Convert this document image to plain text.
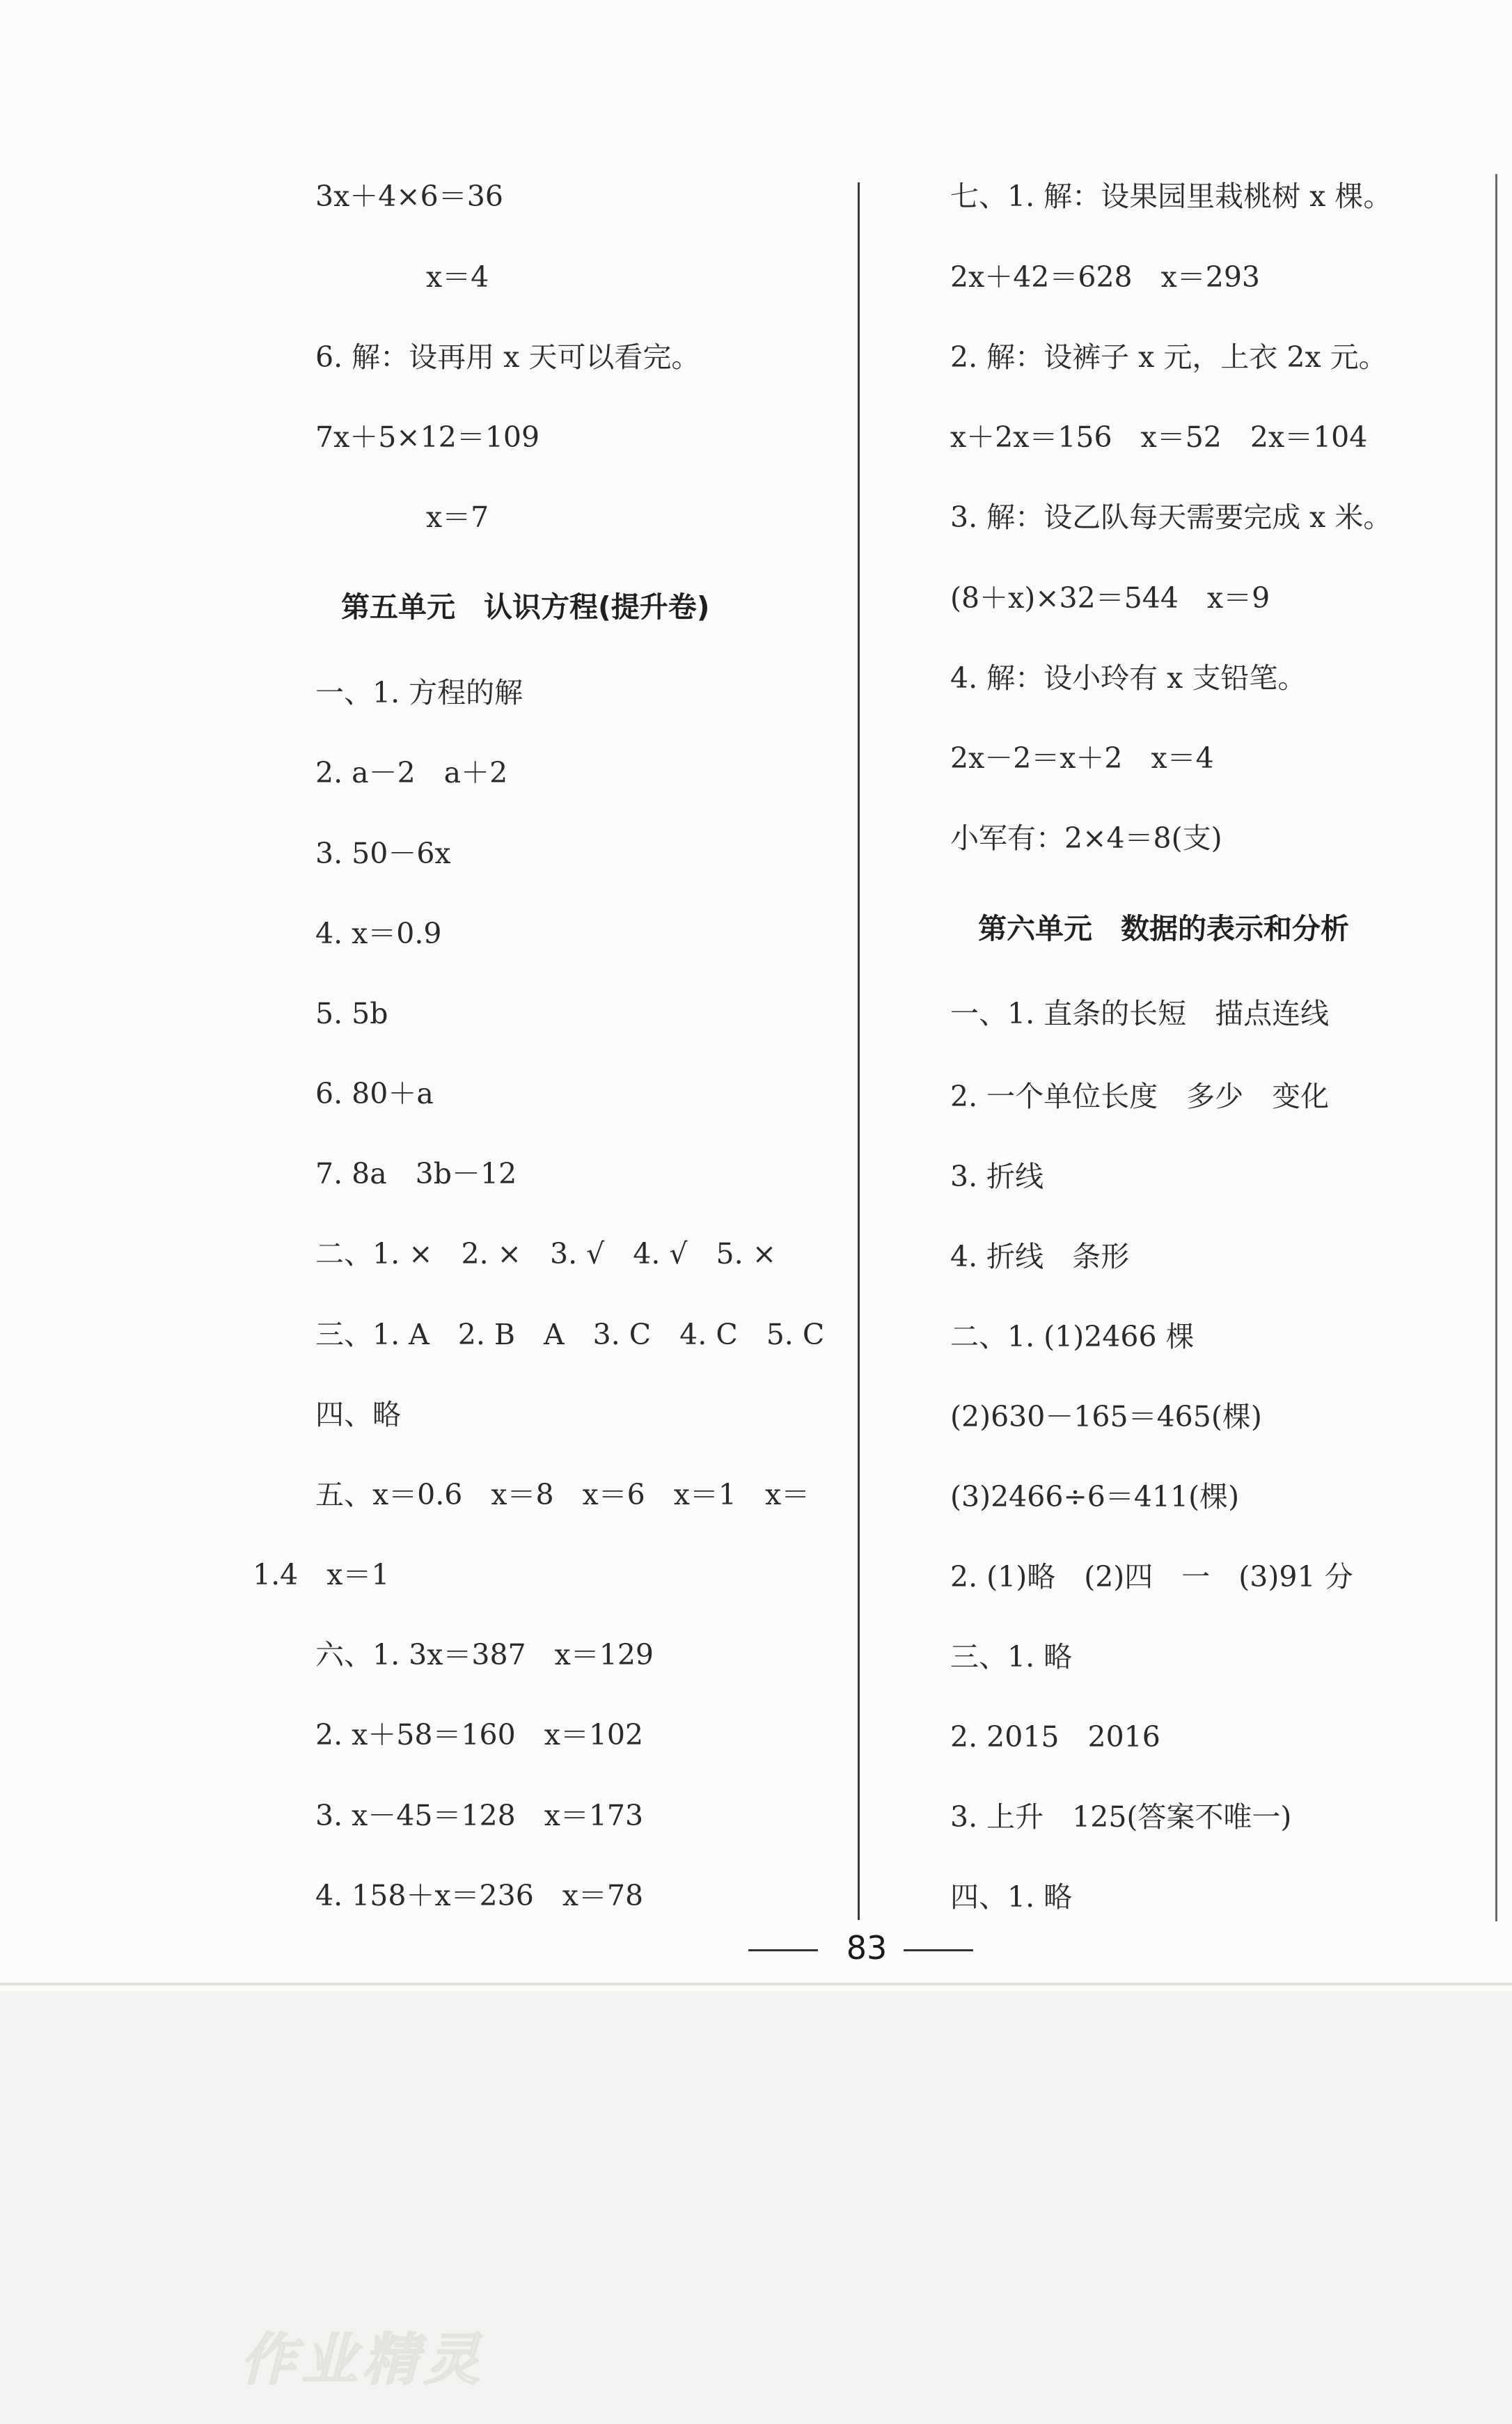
3x＋4×6＝36
x＝4
6. 解：设再用 x 天可以看完。
7x＋5×12＝109
x＝7
第五单元　认识方程(提升卷)
一、1. 方程的解
2. a－2　a＋2
3. 50－6x
4. x＝0.9
5. 5b
6. 80＋a
7. 8a　3b－12
二、1. ×　2. ×　3. √　4. √　5. ×
三、1. A　2. B　A　3. C　4. C　5. C
四、略
五、x＝0.6　x＝8　x＝6　x＝1　x＝
1.4　x＝1
六、1. 3x＝387　x＝129
2. x＋58＝160　x＝102
3. x－45＝128　x＝173
4. 158＋x＝236　x＝78
七、1. 解：设果园里栽桃树 x 棵。
2x＋42＝628　x＝293
2. 解：设裤子 x 元，上衣 2x 元。
x＋2x＝156　x＝52　2x＝104
3. 解：设乙队每天需要完成 x 米。
(8＋x)×32＝544　x＝9
4. 解：设小玲有 x 支铅笔。
2x－2＝x＋2　x＝4
小军有：2×4＝8(支)
第六单元　数据的表示和分析
一、1. 直条的长短　描点连线
2. 一个单位长度　多少　变化
3. 折线
4. 折线　条形
二、1. (1)2466 棵
(2)630－165＝465(棵)
(3)2466÷6＝411(棵)
2. (1)略　(2)四　一　(3)91 分
三、1. 略
2. 2015　2016
3. 上升　125(答案不唯一)
四、1. 略
83
作业精灵
